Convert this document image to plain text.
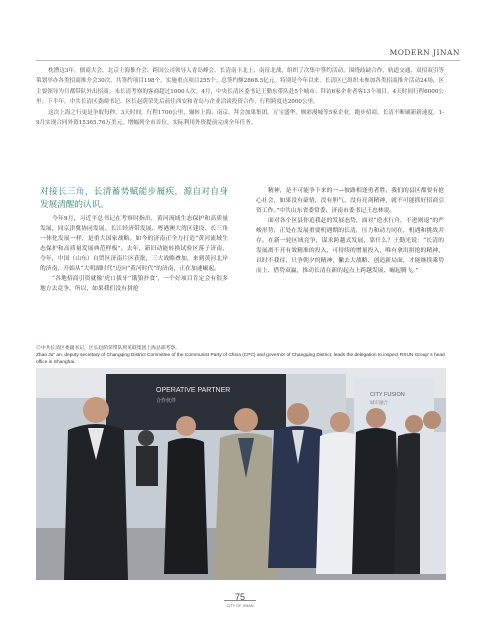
MODERN JINAN

枕漕这3年，儒商大会、北京上海推介会、跨国公司领导人青岛峰会、长清南下北上、南征北战，组织了次集中签约活动，围绕歧缺合作，轨道交通、双招双引等策划举办各类招商推介会30次，共签约项目198个，实施重点项目255个；总签约额2868.5亿元。特别是今年以来，长清区已组织未参加各类招商推介活动24场，区主要领导为月都带队外出招商；未长清考察的客商超过1000人次。4月，中央长清区委书记王勤东带队赴5个城市；拜访6家企业者客13个项目。4天时间行程6000公里；下半年，中共长清区委副书记、区长赵荫荣先后前往西安和青岛与企业洽谈投资合作，行程跨度达2000公里。

这次上海之行更是争取每秒，3天时间，行程1700公里，辗转上海、南京、拜会加果集团，万宝盛华、枫彩漫城等5家企业，跑步招商，长清不断刷新新速度。1-9月实现合同外资15365.76万美元，增幅列全市首位。实际利用外资提前完成全年任务。

对接长三角，长清蓄势赋能步履疾，源自对自身发展清醒的认识。

今年9月，习近平总书记在考察时指出，黄河流域生态保护和高质量发展，同京津冀协同发展、长江经济带发展、粤港澳大湾区建设、长三角一体化发展一样，是重大国家战略。如今的济南正全力打造“黄河流域生态保护和高质量发展典范样板”。去年，新旧动能转换试验区落子济南，今年，中国（山东）自贸区济南片区获批，三大战略叠加，来到黄河北岸的济南，开始从“大明湖时代”迈向“黄河时代”的济南，正在加速崛起。

“各地招商引资就像‘虎口拔牙’‘饿狼扑食’，一个好项目肯定会有很多地方去竞争，所以，如果我们没有拼抢

精神，是不可能争下来的一—彼路相逢勇者胜，我们的县区都要有抢心社会，如果没有豪情，没有胆气，没有亮剑精神，就不可能抓好招商引资工作。”中共山东省委常委、济南市委书记王忠林说。

面对各个区县你追我赶的发展态势，面对“逆水行舟，不进则退”的严峻形势，正处在发展重要机遇期的长清，压力和动力同在，机遇和挑战并存。在新一轮区域竞争，谋求跨越式发展，靠什么？王勤光说：“长清的发展离不开有效精准的投入，可持续的增量投入，唯有拿出拼抢的精神，以时不我待、只争朝夕的精神，撇去大战略、创造新局面，才能继续乘势而上、借势双赢，推动长清在新的起点上跨越发展、崛起腾飞。”

◎中共长清区委副书记、区长赵荫荣带队到见联集团上海总部考察。
Zhao Ju" an, deputy secretary of Changqing District Committee of the Communist Party of China (CPC) and governor of Changqing District, leads the delegation to inspect RSUN Group' s head office in Shanghai.
OPERATIVE PARTNER
合作伙伴
CITY FUSION
城市融合
75
CITY OF JINAN
